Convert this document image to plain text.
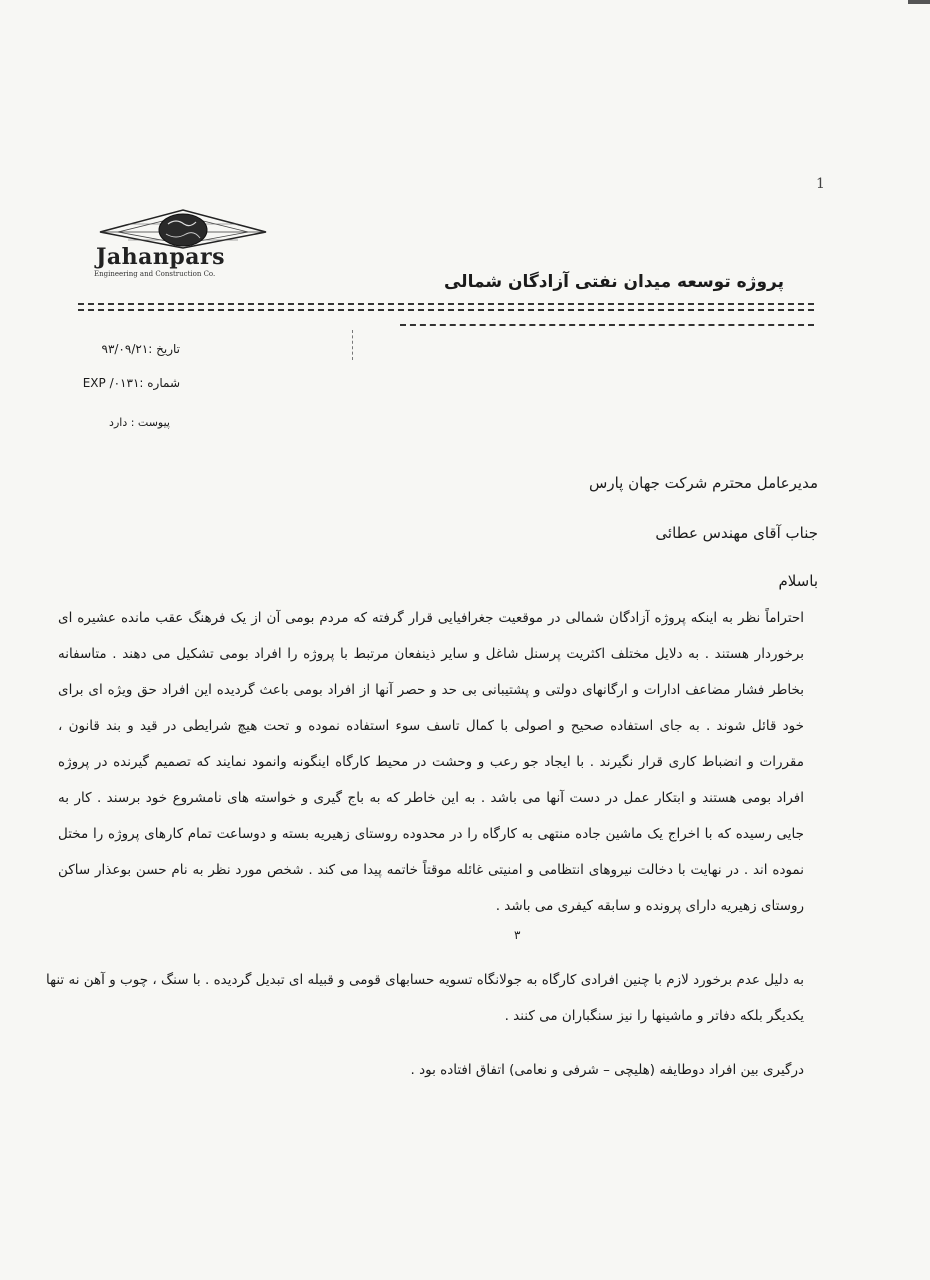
1
Jahanpars
Engineering and Construction Co.	پروژه توسعه میدان نفتی آزادگان شمالی
تاریخ :۹۳/۰۹/۲۱
شماره :EXP /۰۱۳۱
پیوست : دارد
مدیرعامل محترم شرکت جهان پارس
جناب آقای مهندس عطائی
باسلام
احتراماً نظر به اینکه پروژه آزادگان شمالی در موقعیت جغرافیایی قرار گرفته که مردم بومی آن از یک فرهنگ عقب مانده عشیره ای برخوردار هستند . به دلایل مختلف اکثریت پرسنل شاغل و سایر ذینفعان مرتبط با پروژه را افراد بومی تشکیل می دهند . متاسفانه بخاطر فشار مضاعف ادارات و ارگانهای دولتی و پشتیبانی بی حد و حصر آنها از افراد بومی باعث گردیده این افراد حق ویژه ای برای خود قائل شوند . به جای استفاده صحیح و اصولی با کمال تاسف سوء استفاده نموده و تحت هیچ شرایطی در قید و بند قانون ، مقررات و انضباط کاری قرار نگیرند . با ایجاد جو رعب و وحشت در محیط کارگاه اینگونه وانمود نمایند که تصمیم گیرنده در پروژه افراد بومی هستند و ابتکار عمل در دست آنها می باشد . به این خاطر که به باج گیری و خواسته های نامشروع خود برسند . کار به جایی رسیده که با اخراج یک ماشین جاده منتهی به کارگاه را در محدوده روستای زهیریه بسته و دوساعت تمام کارهای پروژه را مختل نموده اند . در نهایت با دخالت نیروهای انتظامی و امنیتی غائله موقتاً خاتمه پیدا می کند . شخص مورد نظر به نام حسن بوعذار ساکن روستای زهیریه دارای پرونده و سابقه کیفری می باشد .
۳
به دلیل عدم برخورد لازم با چنین افرادی کارگاه به جولانگاه تسویه حسابهای قومی و قبیله ای تبدیل گردیده . با سنگ ، چوب و آهن نه تنها یکدیگر بلکه دفاتر و ماشینها را نیز سنگباران می کنند .
درگیری بین افراد دوطایفه (هلیچی – شرفی و نعامی) اتفاق افتاده بود .
